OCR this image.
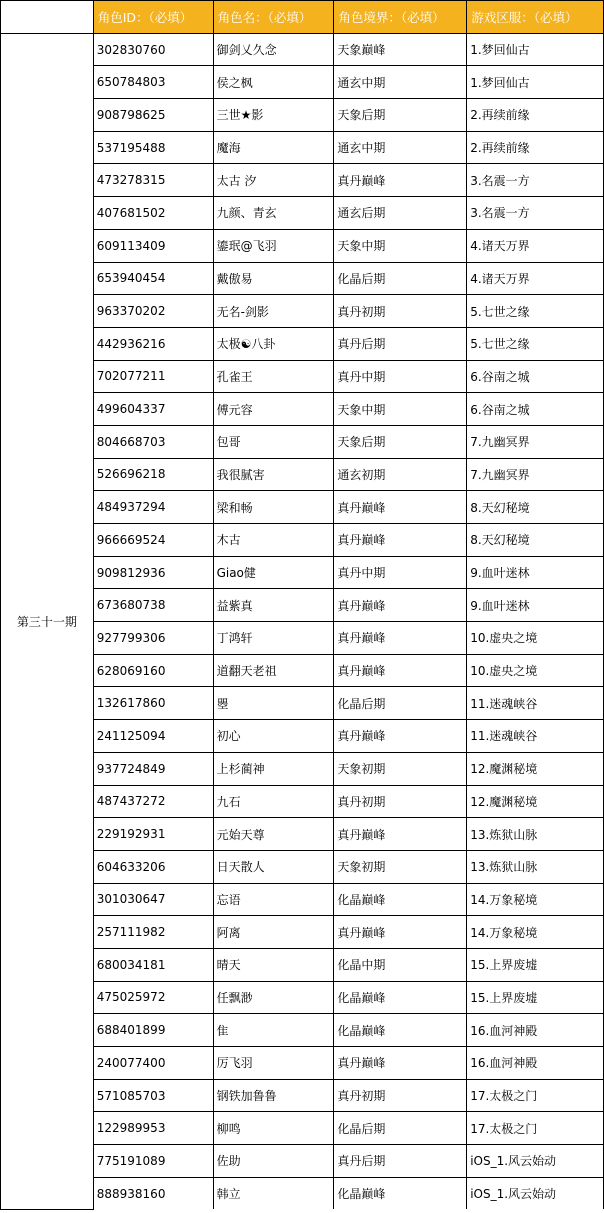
	角色ID：（必填）	角色名：（必填）	角色境界：（必填）	游戏区服：（必填）
第三十一期	302830760	御剑乂久念	天象巅峰	1.梦回仙古
	650784803	侯之枫	通玄中期	1.梦回仙古
	908798625	三世★影	天象后期	2.再续前缘
	537195488	魔海	通玄中期	2.再续前缘
	473278315	太古 汐	真丹巅峰	3.名震一方
	407681502	九颜、青玄	通玄后期	3.名震一方
	609113409	鎏珉@飞羽	天象中期	4.诸天万界
	653940454	戴傲易	化晶后期	4.诸天万界
	963370202	无名-剑影	真丹初期	5.七世之缘
	442936216	太极☯八卦	真丹后期	5.七世之缘
	702077211	孔雀王	真丹中期	6.谷南之城
	499604337	傅元容	天象中期	6.谷南之城
	804668703	包哥	天象后期	7.九幽冥界
	526696218	我很腻害	通玄初期	7.九幽冥界
	484937294	梁和畅	真丹巅峰	8.天幻秘境
	966669524	木古	真丹巅峰	8.天幻秘境
	909812936	Giao健	真丹中期	9.血叶迷林
	673680738	益紫真	真丹巅峰	9.血叶迷林
	927799306	丁鸿轩	真丹巅峰	10.虚央之境
	628069160	道翻天老祖	真丹巅峰	10.虚央之境
	132617860	瞾	化晶后期	11.迷魂峡谷
	241125094	初心	真丹巅峰	11.迷魂峡谷
	937724849	上杉蔺神	天象初期	12.魔渊秘境
	487437272	九石	真丹初期	12.魔渊秘境
	229192931	元始天尊	真丹巅峰	13.炼狱山脉
	604633206	日天散人	天象初期	13.炼狱山脉
	301030647	忘语	化晶巅峰	14.万象秘境
	257111982	阿离	真丹巅峰	14.万象秘境
	680034181	晴天	化晶中期	15.上界废墟
	475025972	任飘渺	化晶巅峰	15.上界废墟
	688401899	隹	化晶巅峰	16.血河神殿
	240077400	厉飞羽	真丹巅峰	16.血河神殿
	571085703	钢铁加鲁鲁	真丹初期	17.太极之门
	122989953	柳鸣	化晶后期	17.太极之门
	775191089	佐助	真丹后期	iOS_1.风云始动
	888938160	韩立	化晶巅峰	iOS_1.风云始动
